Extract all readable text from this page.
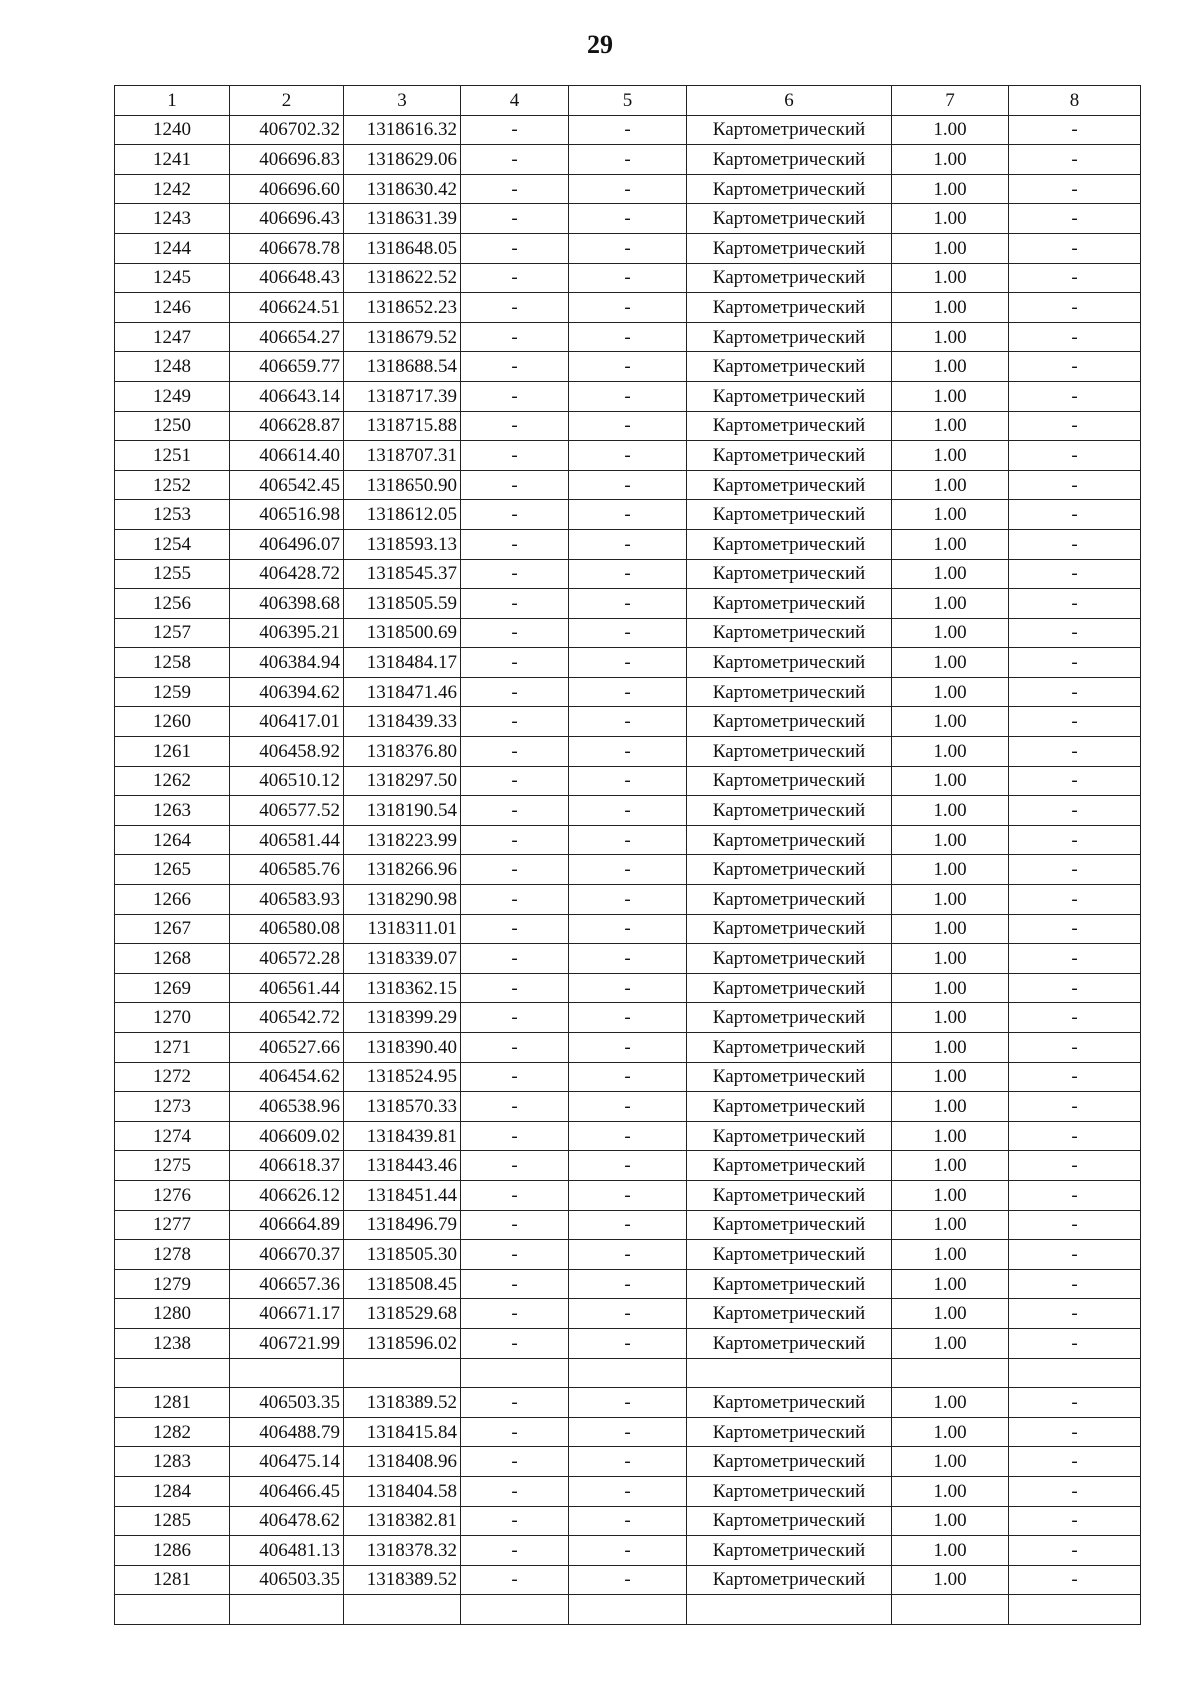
29
1	2	3	4	5	6	7	8
1240	406702.32	1318616.32	-	-	Картометрический	1.00	-
1241	406696.83	1318629.06	-	-	Картометрический	1.00	-
1242	406696.60	1318630.42	-	-	Картометрический	1.00	-
1243	406696.43	1318631.39	-	-	Картометрический	1.00	-
1244	406678.78	1318648.05	-	-	Картометрический	1.00	-
1245	406648.43	1318622.52	-	-	Картометрический	1.00	-
1246	406624.51	1318652.23	-	-	Картометрический	1.00	-
1247	406654.27	1318679.52	-	-	Картометрический	1.00	-
1248	406659.77	1318688.54	-	-	Картометрический	1.00	-
1249	406643.14	1318717.39	-	-	Картометрический	1.00	-
1250	406628.87	1318715.88	-	-	Картометрический	1.00	-
1251	406614.40	1318707.31	-	-	Картометрический	1.00	-
1252	406542.45	1318650.90	-	-	Картометрический	1.00	-
1253	406516.98	1318612.05	-	-	Картометрический	1.00	-
1254	406496.07	1318593.13	-	-	Картометрический	1.00	-
1255	406428.72	1318545.37	-	-	Картометрический	1.00	-
1256	406398.68	1318505.59	-	-	Картометрический	1.00	-
1257	406395.21	1318500.69	-	-	Картометрический	1.00	-
1258	406384.94	1318484.17	-	-	Картометрический	1.00	-
1259	406394.62	1318471.46	-	-	Картометрический	1.00	-
1260	406417.01	1318439.33	-	-	Картометрический	1.00	-
1261	406458.92	1318376.80	-	-	Картометрический	1.00	-
1262	406510.12	1318297.50	-	-	Картометрический	1.00	-
1263	406577.52	1318190.54	-	-	Картометрический	1.00	-
1264	406581.44	1318223.99	-	-	Картометрический	1.00	-
1265	406585.76	1318266.96	-	-	Картометрический	1.00	-
1266	406583.93	1318290.98	-	-	Картометрический	1.00	-
1267	406580.08	1318311.01	-	-	Картометрический	1.00	-
1268	406572.28	1318339.07	-	-	Картометрический	1.00	-
1269	406561.44	1318362.15	-	-	Картометрический	1.00	-
1270	406542.72	1318399.29	-	-	Картометрический	1.00	-
1271	406527.66	1318390.40	-	-	Картометрический	1.00	-
1272	406454.62	1318524.95	-	-	Картометрический	1.00	-
1273	406538.96	1318570.33	-	-	Картометрический	1.00	-
1274	406609.02	1318439.81	-	-	Картометрический	1.00	-
1275	406618.37	1318443.46	-	-	Картометрический	1.00	-
1276	406626.12	1318451.44	-	-	Картометрический	1.00	-
1277	406664.89	1318496.79	-	-	Картометрический	1.00	-
1278	406670.37	1318505.30	-	-	Картометрический	1.00	-
1279	406657.36	1318508.45	-	-	Картометрический	1.00	-
1280	406671.17	1318529.68	-	-	Картометрический	1.00	-
1238	406721.99	1318596.02	-	-	Картометрический	1.00	-

1281	406503.35	1318389.52	-	-	Картометрический	1.00	-
1282	406488.79	1318415.84	-	-	Картометрический	1.00	-
1283	406475.14	1318408.96	-	-	Картометрический	1.00	-
1284	406466.45	1318404.58	-	-	Картометрический	1.00	-
1285	406478.62	1318382.81	-	-	Картометрический	1.00	-
1286	406481.13	1318378.32	-	-	Картометрический	1.00	-
1281	406503.35	1318389.52	-	-	Картометрический	1.00	-
